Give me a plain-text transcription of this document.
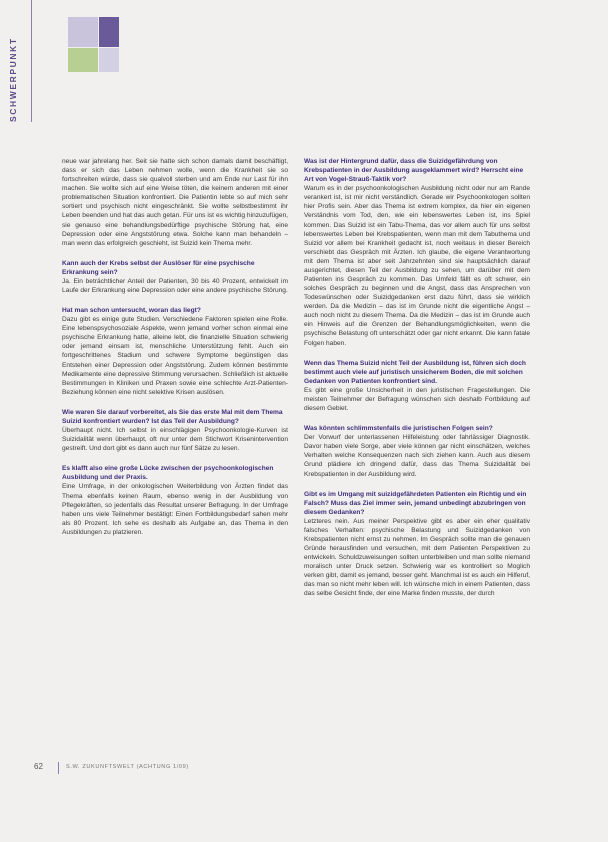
SCHWERPUNKT

neue war jahrelang her. Seit sie hatte sich schon damals damit beschäftigt, dass er sich das Leben nehmen wolle, wenn die Krankheit sie so fortschreiten würde, dass sie qualvoll sterben und am Ende nur Last für ihn machen. Sie wollte sich auf eine Weise töten, die keinem anderen mit einer problematischen Situation konfrontiert. Die Patientin lebte so auf mich sehr sortiert und psychisch nicht eingeschränkt. Sie wollte selbstbestimmt ihr Leben beenden und hat das auch getan. Für uns ist es wichtig hinzuzufügen, sie genauso eine behandlungsbedürftige psychische Störung hat, eine Depression oder eine Angststörung etwa. Solche kann man behandeln – man wenn das erfolgreich geschieht, ist Suizid kein Thema mehr.

Kann auch der Krebs selbst der Auslöser für eine psychische Erkrankung sein?

Ja. Ein beträchtlicher Anteil der Patienten, 30 bis 40 Prozent, entwickelt im Laufe der Erkrankung eine Depression oder eine andere psychische Störung.

Hat man schon untersucht, woran das liegt?

Dazu gibt es einige gute Studien. Verschiedene Faktoren spielen eine Rolle. Eine lebenspsychosoziale Aspekte, wenn jemand vorher schon einmal eine psychische Erkrankung hatte, alleine lebt, die finanzielle Situation schwierig oder jemand einsam ist, menschliche Unterstützung fehlt. Auch ein fortgeschrittenes Stadium und schwere Symptome begünstigen das Entstehen einer Depression oder Angststörung. Zudem können bestimmte Medikamente eine depressive Stimmung verursachen. Schließlich ist aktuelle Bestimmungen in Kliniken und Praxen sowie eine schlechte Arzt-Patienten-Beziehung können eine nicht selektive Krisen auslösen.

Wie waren Sie darauf vorbereitet, als Sie das erste Mal mit dem Thema Suizid konfrontiert wurden? Ist das Teil der Ausbildung?

Überhaupt nicht. Ich selbst in einschlägigen Psychoonkologie-Kurven ist Suizidalität wenn überhaupt, oft nur unter dem Stichwort Krisenintervention gestreift. Und dort gibt es dann auch nur fünf Sätze zu lesen.

Es klafft also eine große Lücke zwischen der psychoonkologischen Ausbildung und der Praxis.

Eine Umfrage, in der onkologischen Weiterbildung von Ärzten findet das Thema ebenfalls keinen Raum, ebenso wenig in der Ausbildung von Pflegekräften, so jedenfalls das Resultat unserer Befragung. In der Umfrage haben uns viele Teilnehmer bestätigt: Einen Fortbildungsbedarf sahen mehr als 80 Prozent. Ich sehe es deshalb als Aufgabe an, das Thema in den Ausbildungen zu platzieren.

Was ist der Hintergrund dafür, dass die Suizidgefährdung von Krebspatienten in der Ausbildung ausgeklammert wird? Herrscht eine Art von Vogel-Strauß-Taktik vor?

Warum es in der psychoonkologischen Ausbildung nicht oder nur am Rande verankert ist, ist mir nicht verständlich. Gerade wir Psychoonkologen sollten hier Profis sein. Aber das Thema ist extrem komplex, da hier ein eigenen Verständnis vom Tod, den, wie ein lebenswertes Leben ist, ins Spiel kommen. Das Suizid ist ein Tabu-Thema, das vor allem auch für uns selbst lebenswertes Leben bei Krebspatienten, wenn man mit dem Tabuthema und Suizid vor allem bei Krankheit gedacht ist, noch weitaus in dieser Bereich verschiebt das Gespräch mit Ärzten. Ich glaube, die eigene Verantwortung mit dem Thema ist aber seit Jahrzehnten sind sie hauptsächlich darauf ausgerichtet, diesen Teil der Ausbildung zu sehen, um darüber mit dem Patienten ins Gespräch zu kommen. Das Umfeld fällt es oft schwer, ein solches Gespräch zu beginnen und die Angst, dass das Ansprechen von Todeswünschen oder Suizidgedanken erst dazu führt, dass sie wirklich werden. Da die Medizin – das ist im Grunde nicht die eigentliche Angst – auch noch nicht zu diesem Thema. Da die Medizin – das ist im Grunde auch ein Hinweis auf die Grenzen der Behandlungsmöglichkeiten, wenn die psychische Belastung oft unterschätzt oder gar nicht erkannt. Die kann fatale Folgen haben.

Wenn das Thema Suizid nicht Teil der Ausbildung ist, führen sich doch bestimmt auch viele auf juristisch unsicherem Boden, die mit solchen Gedanken von Patienten konfrontiert sind.

Es gibt eine große Unsicherheit in den juristischen Fragestellungen. Die meisten Teilnehmer der Befragung wünschen sich deshalb Fortbildung auf diesem Gebiet.

Was könnten schlimmstenfalls die juristischen Folgen sein?

Der Vorwurf der unterlassenen Hilfeleistung oder fahrlässiger Diagnostik. Davor haben viele Sorge, aber viele können gar nicht einschätzen, welches Verhalten welche Konsequenzen nach sich ziehen kann. Auch aus diesem Grund plädiere ich dringend dafür, dass das Thema Suizidalität bei Krebspatienten in der Ausbildung wird.

Gibt es im Umgang mit suizidgefährdeten Patienten ein Richtig und ein Falsch? Muss das Ziel immer sein, jemand unbedingt abzubringen von diesem Gedanken?

Letzteres nein. Aus meiner Perspektive gibt es aber ein eher qualitativ falsches Verhalten: psychische Belastung und Suizidgedanken von Krebspatienten nicht ernst zu nehmen. Im Gespräch sollte man die genauen Gründe herausfinden und versuchen, mit dem Patienten Perspektiven zu entwickeln. Schuldzuweisungen sollten unterbleiben und man sollte niemand moralisch unter Druck setzen. Schwierig war es kontrolliert so Moglich verken gibt, damit es jemand, besser geht. Manchmal ist es auch ein Hilferuf, das man so nicht mehr leben will. Ich wünsche mich in einem Patienten, dass das selbe Gesicht finde, der eine Marke finden musste, der durch

62	S.W. ZUKUNFTSWELT (ACHTUNG 1/09)
